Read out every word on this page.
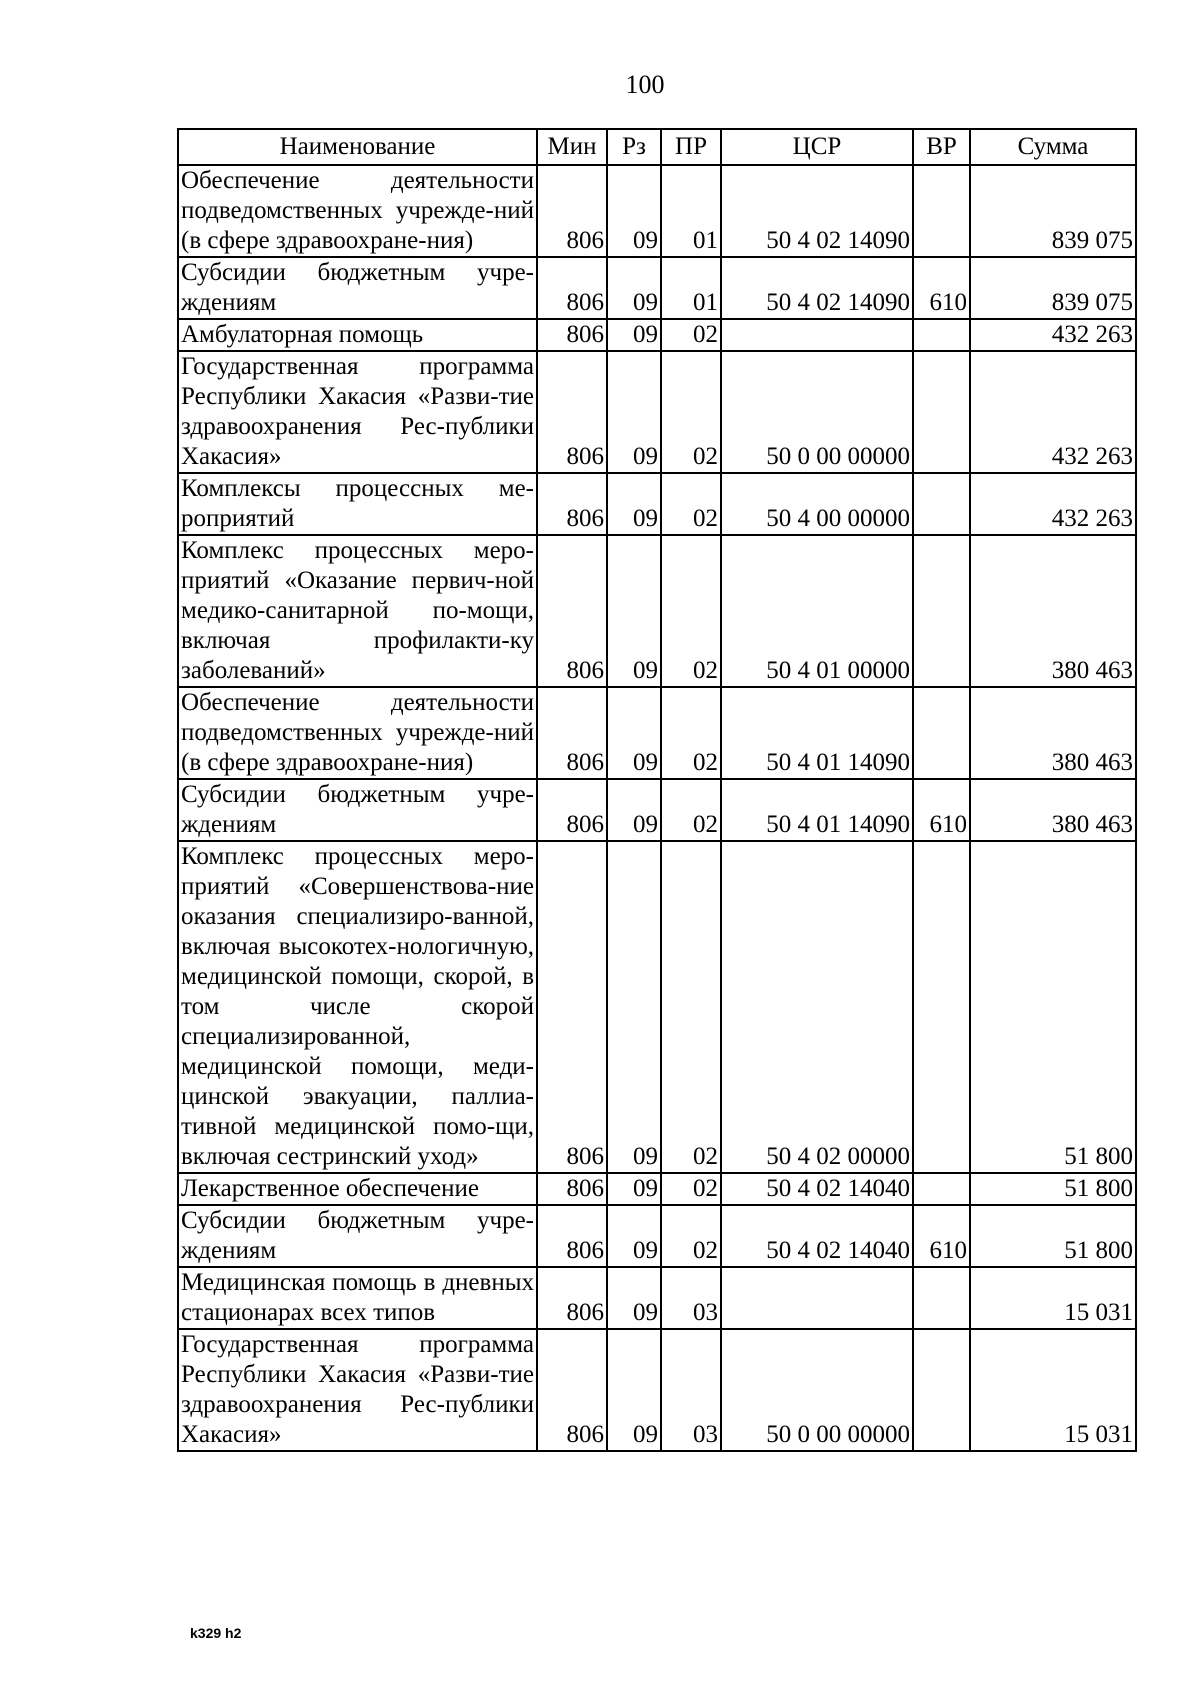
100
Наименование	Мин	Рз	ПР	ЦСР	ВР	Сумма
Обеспечение деятельности подведомственных учрежде-ний (в сфере здравоохране-ния)	806	09	01	50 4 02 14090		839 075
Субсидии бюджетным учре-ждениям	806	09	01	50 4 02 14090	610	839 075
Амбулаторная помощь	806	09	02			432 263
Государственная программа Республики Хакасия «Разви-тие здравоохранения Рес-публики Хакасия»	806	09	02	50 0 00 00000		432 263
Комплексы процессных ме-роприятий	806	09	02	50 4 00 00000		432 263
Комплекс процессных меро-приятий «Оказание первич-ной медико-санитарной по-мощи, включая профилакти-ку заболеваний»	806	09	02	50 4 01 00000		380 463
Обеспечение деятельности подведомственных учрежде-ний (в сфере здравоохране-ния)	806	09	02	50 4 01 14090		380 463
Субсидии бюджетным учре-ждениям	806	09	02	50 4 01 14090	610	380 463
Комплекс процессных меро-приятий «Совершенствова-ние оказания специализиро-ванной, включая высокотех-нологичную, медицинской помощи, скорой, в том числе скорой специализированной, медицинской помощи, меди-цинской эвакуации, паллиа-тивной медицинской помо-щи, включая сестринский уход»	806	09	02	50 4 02 00000		51 800
Лекарственное обеспечение	806	09	02	50 4 02 14040		51 800
Субсидии бюджетным учре-ждениям	806	09	02	50 4 02 14040	610	51 800
Медицинская помощь в дневных стационарах всех типов	806	09	03			15 031
Государственная программа Республики Хакасия «Разви-тие здравоохранения Рес-публики Хакасия»	806	09	03	50 0 00 00000		15 031
k329 h2
